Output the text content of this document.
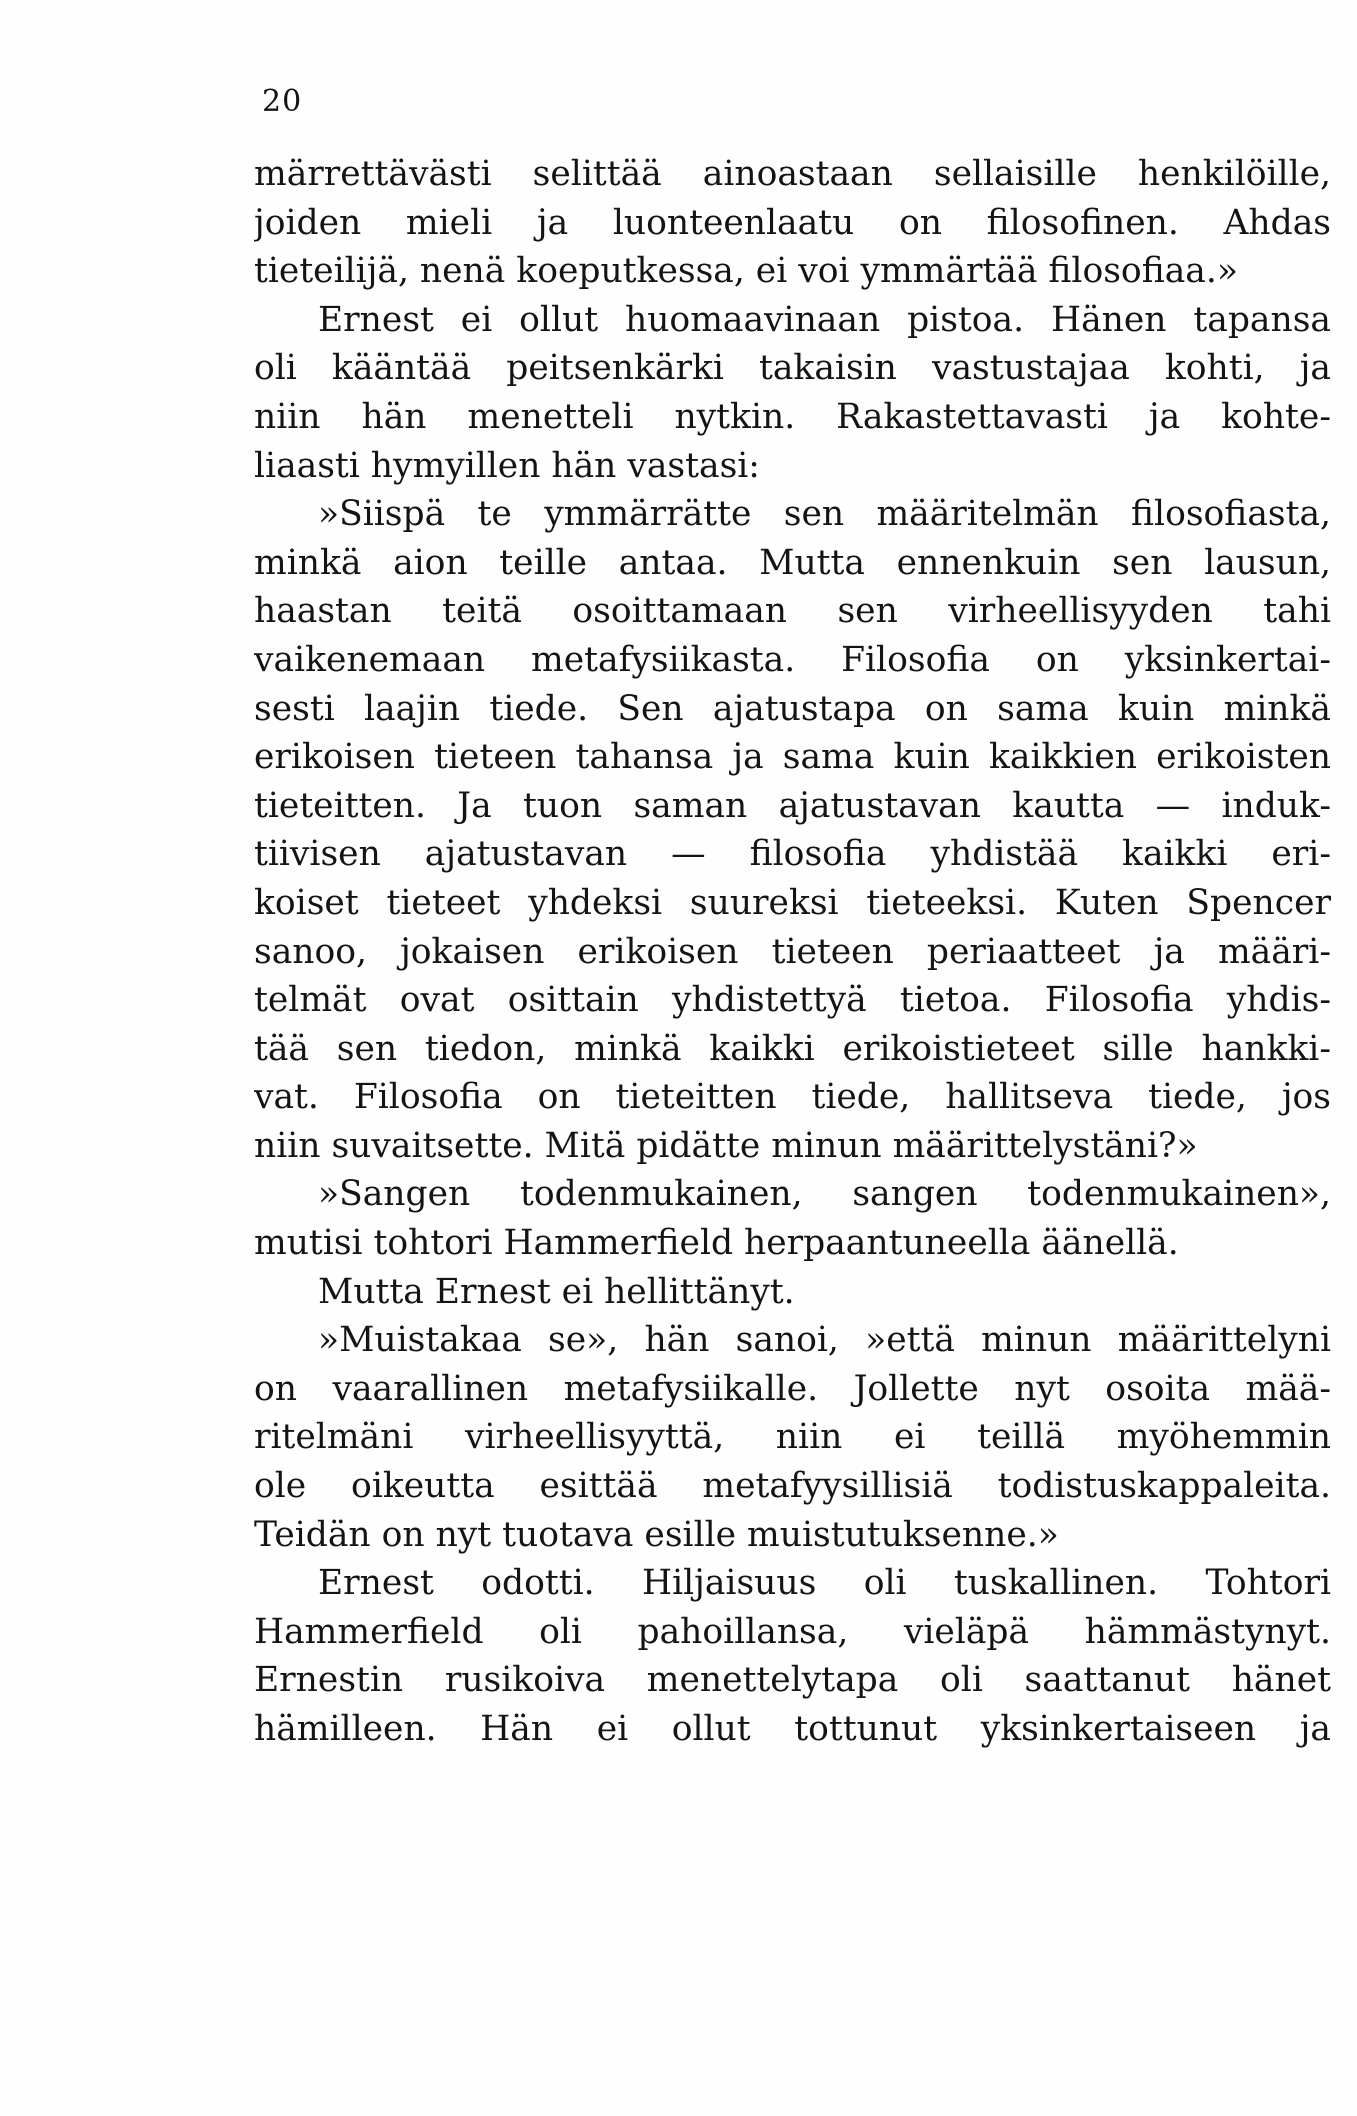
20
märrettävästi selittää ainoastaan sellaisille henkilöille,
joiden mieli ja luonteenlaatu on filosofinen. Ahdas
tieteilijä, nenä koeputkessa, ei voi ymmärtää filosofiaa.»
Ernest ei ollut huomaavinaan pistoa. Hänen tapansa
oli kääntää peitsenkärki takaisin vastustajaa kohti, ja
niin hän menetteli nytkin. Rakastettavasti ja kohte-
liaasti hymyillen hän vastasi:
»Siispä te ymmärrätte sen määritelmän filosofiasta,
minkä aion teille antaa. Mutta ennenkuin sen lausun,
haastan teitä osoittamaan sen virheellisyyden tahi
vaikenemaan metafysiikasta. Filosofia on yksinkertai-
sesti laajin tiede. Sen ajatustapa on sama kuin minkä
erikoisen tieteen tahansa ja sama kuin kaikkien erikoisten
tieteitten. Ja tuon saman ajatustavan kautta — induk-
tiivisen ajatustavan — filosofia yhdistää kaikki eri-
koiset tieteet yhdeksi suureksi tieteeksi. Kuten Spencer
sanoo, jokaisen erikoisen tieteen periaatteet ja määri-
telmät ovat osittain yhdistettyä tietoa. Filosofia yhdis-
tää sen tiedon, minkä kaikki erikoistieteet sille hankki-
vat. Filosofia on tieteitten tiede, hallitseva tiede, jos
niin suvaitsette. Mitä pidätte minun määrittelystäni?»
»Sangen todenmukainen, sangen todenmukainen»,
mutisi tohtori Hammerfield herpaantuneella äänellä.
Mutta Ernest ei hellittänyt.
»Muistakaa se», hän sanoi, »että minun määrittelyni
on vaarallinen metafysiikalle. Jollette nyt osoita mää-
ritelmäni virheellisyyttä, niin ei teillä myöhemmin
ole oikeutta esittää metafyysillisiä todistuskappaleita.
Teidän on nyt tuotava esille muistutuksenne.»
Ernest odotti. Hiljaisuus oli tuskallinen. Tohtori
Hammerfield oli pahoillansa, vieläpä hämmästynyt.
Ernestin rusikoiva menettelytapa oli saattanut hänet
hämilleen. Hän ei ollut tottunut yksinkertaiseen ja
